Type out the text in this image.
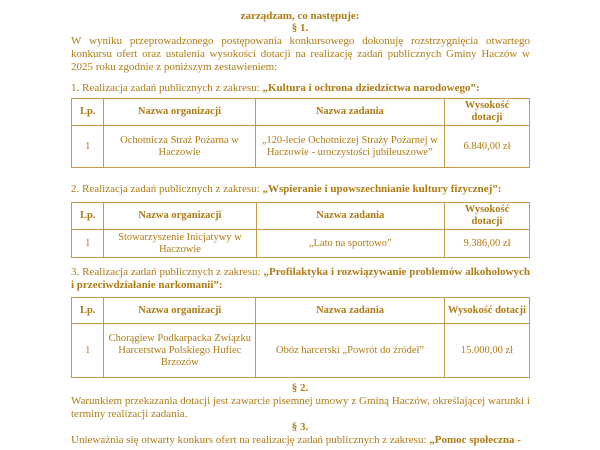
zarządzam, co następuje:
§ 1.
W wyniku przeprowadzonego postępowania konkursowego dokonuję rozstrzygnięcia otwartego konkursu ofert oraz ustalenia wysokości dotacji na realizację zadań publicznych Gminy Haczów w 2025 roku zgodnie z poniższym zestawieniem:
1. Realizacja zadań publicznych z zakresu: „Kultura i ochrona dziedzictwa narodowego”:
Lp.	Nazwa organizacji	Nazwa zadania	Wysokość dotacji
1	Ochotnicza Straż Pożarna w Haczowie	„120-lecie Ochotniczej Straży Pożarnej w Haczowie - uroczystości jubileuszowe”	6.840,00 zł
2. Realizacja zadań publicznych z zakresu: „Wspieranie i upowszechnianie kultury fizycznej”:
Lp.	Nazwa organizacji	Nazwa zadania	Wysokość dotacji
1	Stowarzyszenie Inicjatywy w Haczowie	„Lato na sportowo”	9.386,00 zł
3. Realizacja zadań publicznych z zakresu: „Profilaktyka i rozwiązywanie problemów alkoholowych i przeciwdziałanie narkomanii”:
Lp.	Nazwa organizacji	Nazwa zadania	Wysokość dotacji
1	Chorągiew Podkarpacka Związku Harcerstwa Polskiego Hufiec Brzozów	Obóz harcerski „Powrót do źródeł”	15.000,00 zł
§ 2.
Warunkiem przekazania dotacji jest zawarcie pisemnej umowy z Gminą Haczów, określającej warunki i terminy realizacji zadania.
§ 3.
Unieważnia się otwarty konkurs ofert na realizację zadań publicznych z zakresu: „Pomoc społeczna -
